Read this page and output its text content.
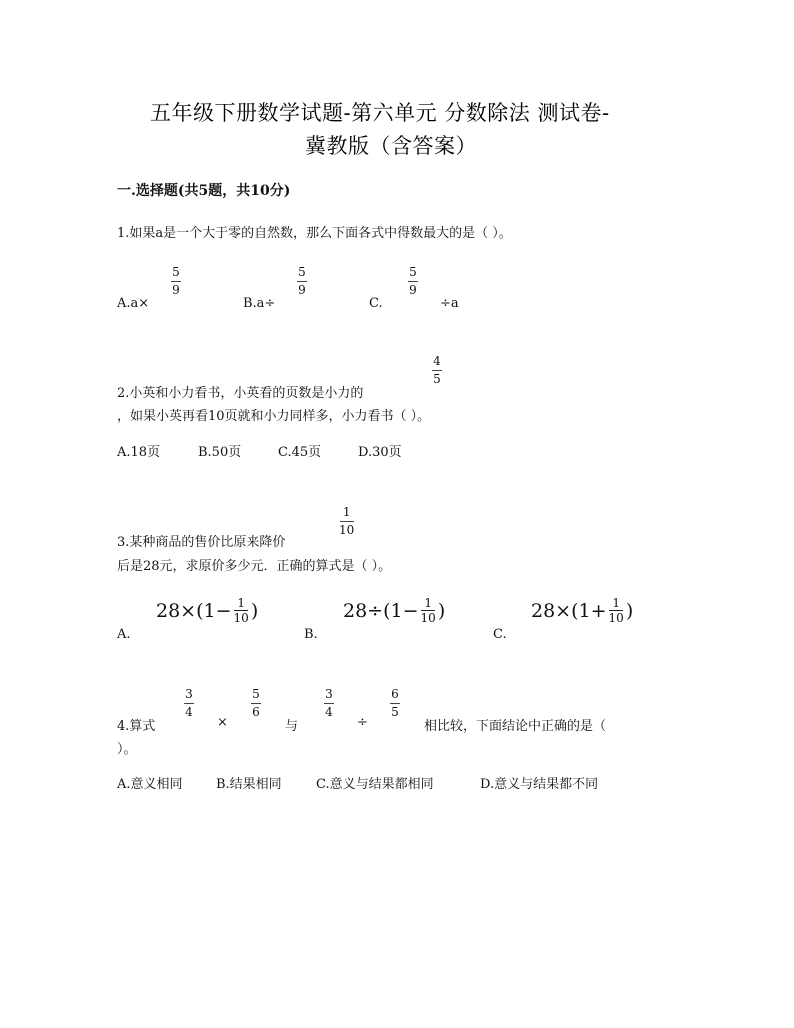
五年级下册数学试题-第六单元 分数除法 测试卷-
冀教版（含答案）
一.选择题(共5题，共10分)
1.如果a是一个大于零的自然数，那么下面各式中得数最大的是（ ）。
A.a×
5
9
B.a÷
5
9
C.
5
9
÷a
2.小英和小力看书，小英看的页数是小力的
4
5
，如果小英再看10页就和小力同样多，小力看书（ ）。
A.18页	B.50页	C.45页	D.30页
3.某种商品的售价比原来降价
1
10
后是28元，求原价多少元．正确的算式是（ ）。
A.
28×(1− 1
10 )
B.
28÷(1− 1
10 )
C.
28×(1+ 1
10 )
4.算式
3
4
×
5
6
与
3
4
÷
6
5
相比较，下面结论中正确的是（
）。
A.意义相同	B.结果相同	C.意义与结果都相同	D.意义与结果都不同
